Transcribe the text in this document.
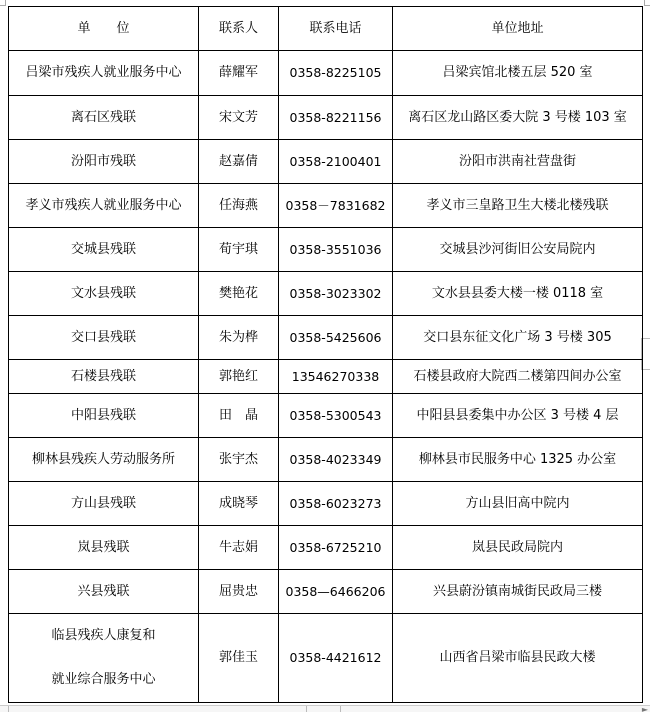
单　　位	联系人	联系电话	单位地址
吕梁市残疾人就业服务中心	薛耀军	0358-8225105	吕梁宾馆北楼五层 520 室
离石区残联	宋文芳	0358-8221156	离石区龙山路区委大院 3 号楼 103 室
汾阳市残联	赵嘉倩	0358-2100401	汾阳市洪南社营盘街
孝义市残疾人就业服务中心	任海燕	0358－7831682	孝义市三皇路卫生大楼北楼残联
交城县残联	荀宇琪	0358-3551036	交城县沙河街旧公安局院内
文水县残联	樊艳花	0358-3023302	文水县县委大楼一楼 0118 室
交口县残联	朱为桦	0358-5425606	交口县东征文化广场 3 号楼 305
石楼县残联	郭艳红	13546270338	石楼县政府大院西二楼第四间办公室
中阳县残联	田　晶	0358-5300543	中阳县县委集中办公区 3 号楼 4 层
柳林县残疾人劳动服务所	张宇杰	0358-4023349	柳林县市民服务中心 1325 办公室
方山县残联	成晓琴	0358-6023273	方山县旧高中院内
岚县残联	牛志娟	0358-6725210	岚县民政局院内
兴县残联	屈贵忠	0358—6466206	兴县蔚汾镇南城街民政局三楼
临县残疾人康复和
就业综合服务中心	郭佳玉	0358-4421612	山西省吕梁市临县民政大楼
►
